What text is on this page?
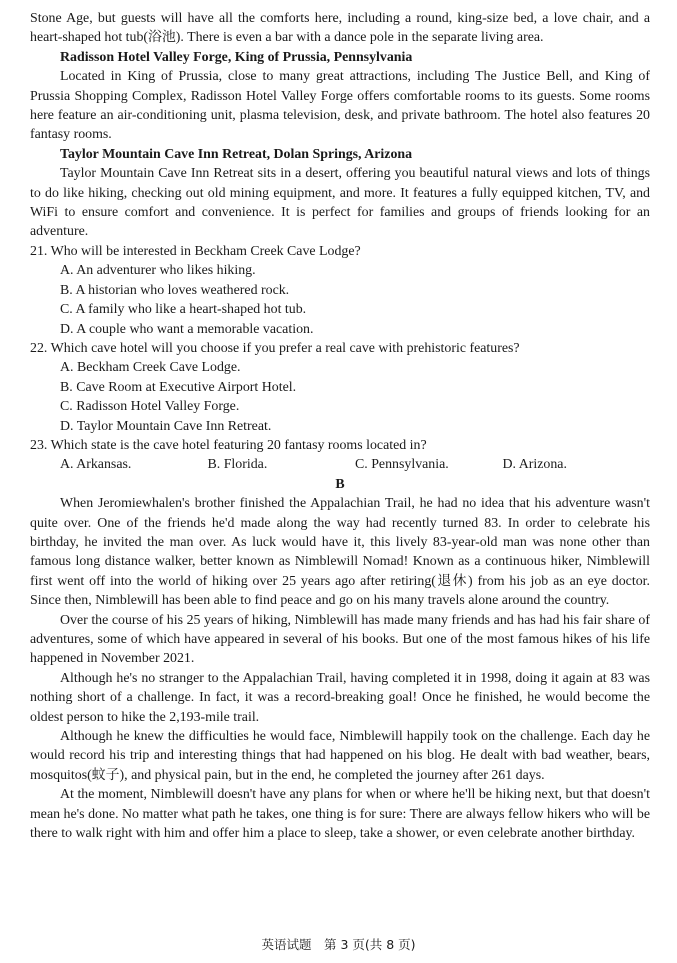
Stone Age, but guests will have all the comforts here, including a round, king-size bed, a love chair, and a heart-shaped hot tub(浴池). There is even a bar with a dance pole in the separate living area.

Radisson Hotel Valley Forge, King of Prussia, Pennsylvania

Located in King of Prussia, close to many great attractions, including The Justice Bell, and King of Prussia Shopping Complex, Radisson Hotel Valley Forge offers comfortable rooms to its guests. Some rooms here feature an air-conditioning unit, plasma television, desk, and private bathroom. The hotel also features 20 fantasy rooms.

Taylor Mountain Cave Inn Retreat, Dolan Springs, Arizona

Taylor Mountain Cave Inn Retreat sits in a desert, offering you beautiful natural views and lots of things to do like hiking, checking out old mining equipment, and more. It features a fully equipped kitchen, TV, and WiFi to ensure comfort and convenience. It is perfect for families and groups of friends looking for an adventure.

21. Who will be interested in Beckham Creek Cave Lodge?

A. An adventurer who likes hiking.

B. A historian who loves weathered rock.

C. A family who like a heart-shaped hot tub.

D. A couple who want a memorable vacation.

22. Which cave hotel will you choose if you prefer a real cave with prehistoric features?

A. Beckham Creek Cave Lodge.

B. Cave Room at Executive Airport Hotel.

C. Radisson Hotel Valley Forge.

D. Taylor Mountain Cave Inn Retreat.

23. Which state is the cave hotel featuring 20 fantasy rooms located in?

A. Arkansas.	B. Florida.	C. Pennsylvania.	D. Arizona.

B

When Jeromiewhalen's brother finished the Appalachian Trail, he had no idea that his adventure wasn't quite over. One of the friends he'd made along the way had recently turned 83. In order to celebrate his birthday, he invited the man over. As luck would have it, this lively 83-year-old man was none other than famous long distance walker, better known as Nimblewill Nomad! Known as a continuous hiker, Nimblewill first went off into the world of hiking over 25 years ago after retiring(退休) from his job as an eye doctor. Since then, Nimblewill has been able to find peace and go on his many travels alone around the country.

Over the course of his 25 years of hiking, Nimblewill has made many friends and has had his fair share of adventures, some of which have appeared in several of his books. But one of the most famous hikes of his life happened in November 2021.

Although he's no stranger to the Appalachian Trail, having completed it in 1998, doing it again at 83 was nothing short of a challenge. In fact, it was a record-breaking goal! Once he finished, he would become the oldest person to hike the 2,193-mile trail.

Although he knew the difficulties he would face, Nimblewill happily took on the challenge. Each day he would record his trip and interesting things that had happened on his blog. He dealt with bad weather, bears, mosquitos(蚊子), and physical pain, but in the end, he completed the journey after 261 days.

At the moment, Nimblewill doesn't have any plans for when or where he'll be hiking next, but that doesn't mean he's done. No matter what path he takes, one thing is for sure: There are always fellow hikers who will be there to walk right with him and offer him a place to sleep, take a shower, or even celebrate another birthday.

英语试题　第 3 页(共 8 页)
